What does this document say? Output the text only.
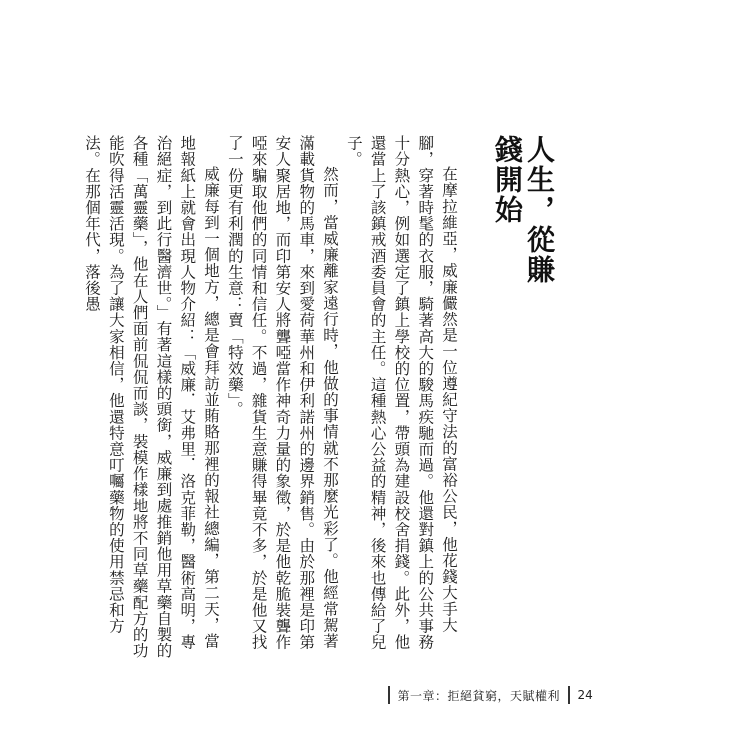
人生，從賺錢開始

在摩拉維亞，威廉儼然是一位遵紀守法的富裕公民，他花錢大手大腳，穿著時髦的衣服，騎著高大的駿馬疾馳而過。他還對鎮上的公共事務十分熱心，例如選定了鎮上學校的位置，帶頭為建設校舍捐錢。此外，他還當上了該鎮戒酒委員會的主任。這種熱心公益的精神，後來也傳給了兒子。

然而，當威廉離家遠行時，他做的事情就不那麼光彩了。他經常駕著滿載貨物的馬車，來到愛荷華州和伊利諾州的邊界銷售。由於那裡是印第安人聚居地，而印第安人將聾啞當作神奇力量的象徵，於是他乾脆裝聾作啞來騙取他們的同情和信任。不過，雜貨生意賺得畢竟不多，於是他又找了一份更有利潤的生意：賣「特效藥」。

威廉每到一個地方，總是會拜訪並賄賂那裡的報社總編，第二天，當地報紙上就會出現人物介紹：「威廉．艾弗里．洛克菲勒，醫術高明，專治絕症，到此行醫濟世。」有著這樣的頭銜，威廉到處推銷他用草藥自製的各種「萬靈藥」，他在人們面前侃侃而談，裝模作樣地將不同草藥配方的功能吹得活靈活現。為了讓大家相信，他還特意叮囑藥物的使用禁忌和方法。在那個年代，落後愚

第一章：拒絕貧窮，天賦權利 24
